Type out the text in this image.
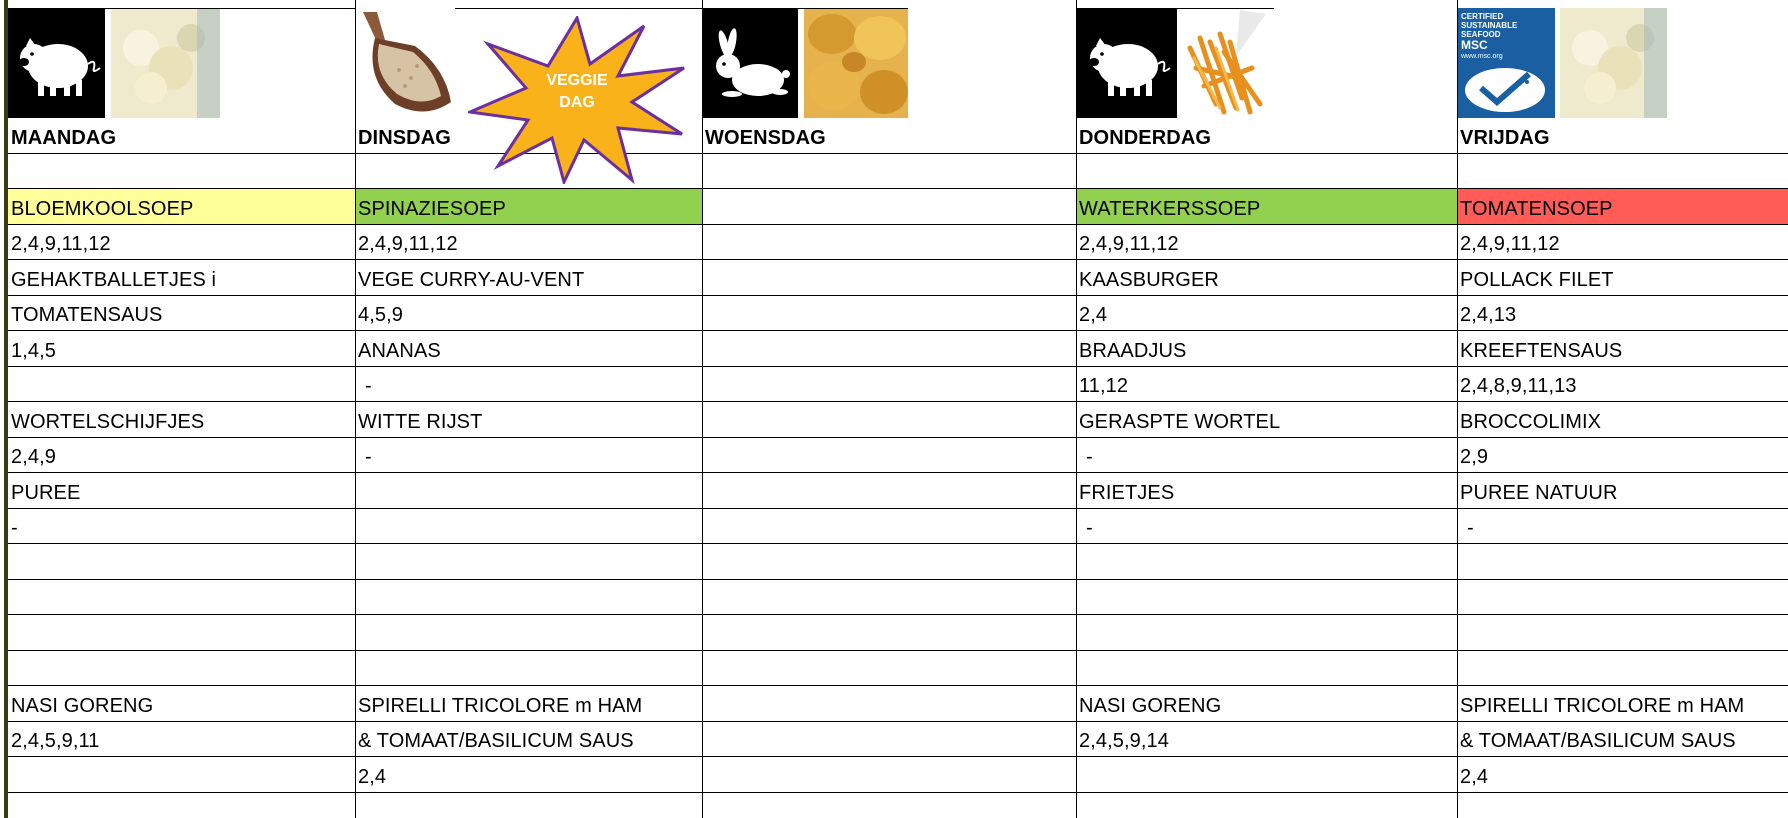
MAANDAG
BLOEMKOOLSOEP
2,4,9,11,12
GEHAKTBALLETJES i
TOMATENSAUS
1,4,5
WORTELSCHIJFJES
2,4,9
PUREE
-
NASI GORENG
2,4,5,9,11
DINSDAG
SPINAZIESOEP
2,4,9,11,12
VEGE CURRY-AU-VENT
4,5,9
ANANAS
-
WITTE RIJST
-
SPIRELLI TRICOLORE m HAM
& TOMAAT/BASILICUM SAUS
2,4
WOENSDAG	DONDERDAG
WATERKERSSOEP
2,4,9,11,12
KAASBURGER
2,4
BRAADJUS
11,12
GERASPTE WORTEL
-
FRIETJES
-
NASI GORENG
2,4,5,9,14
CERTIFIED
SUSTAINABLE
SEAFOOD
MSC
www.msc.org
VRIJDAG
TOMATENSOEP
2,4,9,11,12
POLLACK FILET
2,4,13
KREEFTENSAUS
2,4,8,9,11,13
BROCCOLIMIX
2,9
PUREE NATUUR
-
SPIRELLI TRICOLORE m HAM
& TOMAAT/BASILICUM SAUS
2,4
VEGGIE
DAG
